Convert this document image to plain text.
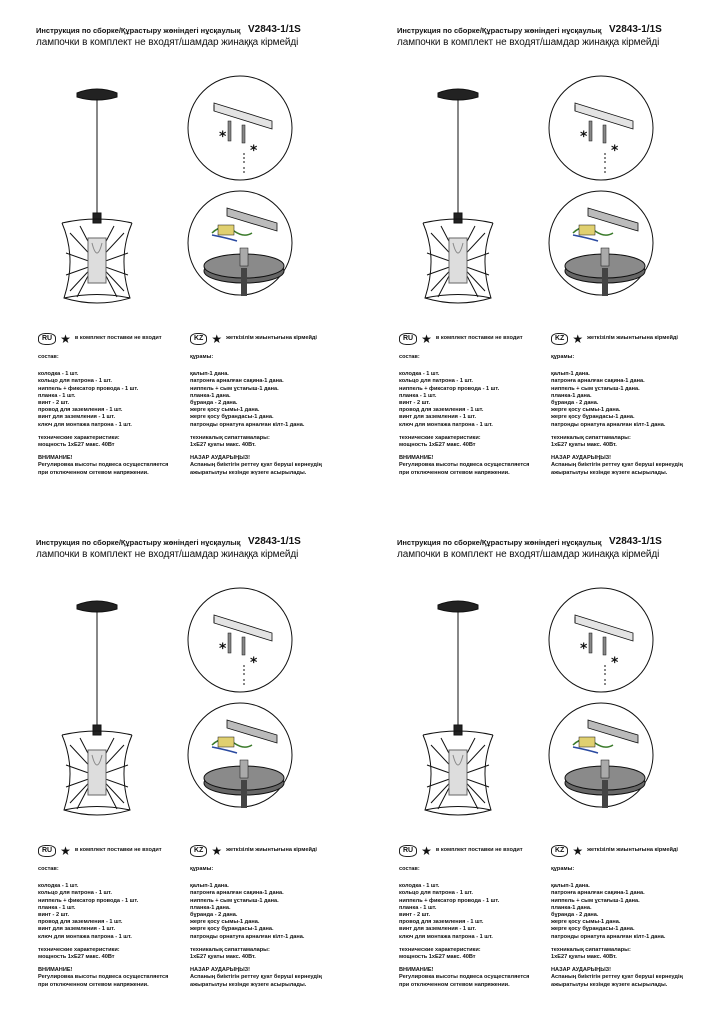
Инструкция по сборке/Құрастыру жөніндегі нұсқаулық V2843-1/1S
лампочки в комплект не входят/шамдар жинаққа кірмейді
*
*
RU ★ в комплект поставки не входит
состав:
колодка - 1 шт.
кольцо для патрона - 1 шт.
ниппель + фиксатор провода - 1 шт.
планка - 1 шт.
винт - 2 шт.
провод для заземления - 1 шт.
винт для заземления - 1 шт.
ключ для монтажа патрона - 1 шт.
технические характеристики:
мощность 1хЕ27 макс. 40Вт
ВНИМАНИЕ!
Регулировка высоты подвеса осуществляется
при отключенном сетевом напряжении.
KZ ★ жеткізілім жиынтығына кірмейді
құрамы:
қалып-1 дана.
патронға арналған сақина-1 дана.
ниппель + сым ұстағыш-1 дана.
планка-1 дана.
бұранда - 2 дана.
жерге қосу сымы-1 дана.
жерге қосу бұрандасы-1 дана.
патронды орнатуға арналған кілт-1 дана.
техникалық сипаттамалары:
1хЕ27 қуаты макс. 40Вт.
НАЗАР АУДАРЫҢЫЗ!
Аспаның биіктігін реттеу қуат берушi кернеудің
ажыратылуы кезінде жүзеге асырылады.
Инструкция по сборке/Құрастыру жөніндегі нұсқаулық V2843-1/1S
лампочки в комплект не входят/шамдар жинаққа кірмейді
*
*
RU ★ в комплект поставки не входит
состав:
колодка - 1 шт.
кольцо для патрона - 1 шт.
ниппель + фиксатор провода - 1 шт.
планка - 1 шт.
винт - 2 шт.
провод для заземления - 1 шт.
винт для заземления - 1 шт.
ключ для монтажа патрона - 1 шт.
технические характеристики:
мощность 1хЕ27 макс. 40Вт
ВНИМАНИЕ!
Регулировка высоты подвеса осуществляется
при отключенном сетевом напряжении.
KZ ★ жеткізілім жиынтығына кірмейді
құрамы:
қалып-1 дана.
патронға арналған сақина-1 дана.
ниппель + сым ұстағыш-1 дана.
планка-1 дана.
бұранда - 2 дана.
жерге қосу сымы-1 дана.
жерге қосу бұрандасы-1 дана.
патронды орнатуға арналған кілт-1 дана.
техникалық сипаттамалары:
1хЕ27 қуаты макс. 40Вт.
НАЗАР АУДАРЫҢЫЗ!
Аспаның биіктігін реттеу қуат берушi кернеудің
ажыратылуы кезінде жүзеге асырылады.
Инструкция по сборке/Құрастыру жөніндегі нұсқаулық V2843-1/1S
лампочки в комплект не входят/шамдар жинаққа кірмейді
*
*
RU ★ в комплект поставки не входит
состав:
колодка - 1 шт.
кольцо для патрона - 1 шт.
ниппель + фиксатор провода - 1 шт.
планка - 1 шт.
винт - 2 шт.
провод для заземления - 1 шт.
винт для заземления - 1 шт.
ключ для монтажа патрона - 1 шт.
технические характеристики:
мощность 1хЕ27 макс. 40Вт
ВНИМАНИЕ!
Регулировка высоты подвеса осуществляется
при отключенном сетевом напряжении.
KZ ★ жеткізілім жиынтығына кірмейді
құрамы:
қалып-1 дана.
патронға арналған сақина-1 дана.
ниппель + сым ұстағыш-1 дана.
планка-1 дана.
бұранда - 2 дана.
жерге қосу сымы-1 дана.
жерге қосу бұрандасы-1 дана.
патронды орнатуға арналған кілт-1 дана.
техникалық сипаттамалары:
1хЕ27 қуаты макс. 40Вт.
НАЗАР АУДАРЫҢЫЗ!
Аспаның биіктігін реттеу қуат берушi кернеудің
ажыратылуы кезінде жүзеге асырылады.
Инструкция по сборке/Құрастыру жөніндегі нұсқаулық V2843-1/1S
лампочки в комплект не входят/шамдар жинаққа кірмейді
*
*
RU ★ в комплект поставки не входит
состав:
колодка - 1 шт.
кольцо для патрона - 1 шт.
ниппель + фиксатор провода - 1 шт.
планка - 1 шт.
винт - 2 шт.
провод для заземления - 1 шт.
винт для заземления - 1 шт.
ключ для монтажа патрона - 1 шт.
технические характеристики:
мощность 1хЕ27 макс. 40Вт
ВНИМАНИЕ!
Регулировка высоты подвеса осуществляется
при отключенном сетевом напряжении.
KZ ★ жеткізілім жиынтығына кірмейді
құрамы:
қалып-1 дана.
патронға арналған сақина-1 дана.
ниппель + сым ұстағыш-1 дана.
планка-1 дана.
бұранда - 2 дана.
жерге қосу сымы-1 дана.
жерге қосу бұрандасы-1 дана.
патронды орнатуға арналған кілт-1 дана.
техникалық сипаттамалары:
1хЕ27 қуаты макс. 40Вт.
НАЗАР АУДАРЫҢЫЗ!
Аспаның биіктігін реттеу қуат берушi кернеудің
ажыратылуы кезінде жүзеге асырылады.
